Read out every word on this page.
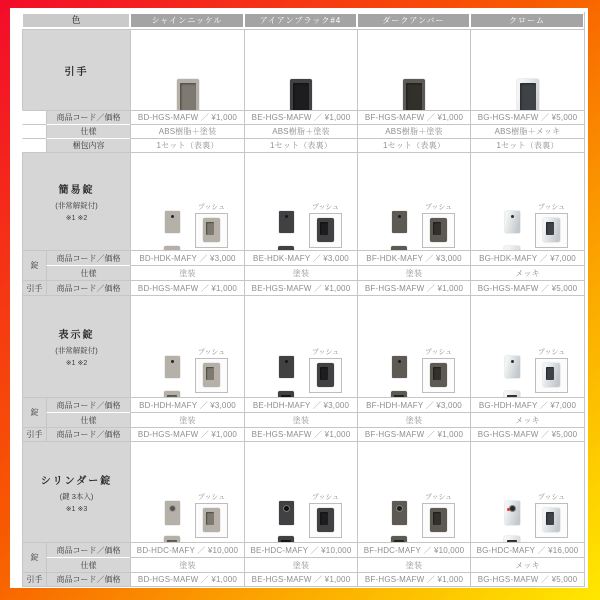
色		シャインニッケル	アイアンブラック#4	ダークアンバー	クローム

引手					

	商品コード／価格	BD-HGS-MAFW ／ ¥1,000	BE-HGS-MAFW ／ ¥1,000	BF-HGS-MAFW ／ ¥1,000	BG-HGS-MAFW ／ ¥5,000
	仕様	ABS樹脂＋塗装	ABS樹脂＋塗装	ABS樹脂＋塗装	ABS樹脂＋メッキ
	梱包内容	1セット（表裏）	1セット（表裏）	1セット（表裏）	1セット（表裏）

簡易錠
(非常解錠付)
※1 ※2		プッシュ	プッシュ	プッシュ	プッシュ

錠	商品コード／価格	BD-HDK-MAFY ／ ¥3,000	BE-HDK-MAFY ／ ¥3,000	BF-HDK-MAFY ／ ¥3,000	BG-HDK-MAFY ／ ¥7,000
	仕様	塗装	塗装	塗装	メッキ
引手	商品コード／価格	BD-HGS-MAFW ／ ¥1,000	BE-HGS-MAFW ／ ¥1,000	BF-HGS-MAFW ／ ¥1,000	BG-HGS-MAFW ／ ¥5,000

表示錠
(非常解錠付)
※1 ※2		プッシュ	プッシュ	プッシュ	プッシュ

錠	商品コード／価格	BD-HDH-MAFY ／ ¥3,000	BE-HDH-MAFY ／ ¥3,000	BF-HDH-MAFY ／ ¥3,000	BG-HDH-MAFY ／ ¥7,000
	仕様	塗装	塗装	塗装	メッキ
引手	商品コード／価格	BD-HGS-MAFW ／ ¥1,000	BE-HGS-MAFW ／ ¥1,000	BF-HGS-MAFW ／ ¥1,000	BG-HGS-MAFW ／ ¥5,000

シリンダー錠
(鍵 3本入)
※1 ※3		プッシュ	プッシュ	プッシュ	プッシュ

錠	商品コード／価格	BD-HDC-MAFY ／ ¥10,000	BE-HDC-MAFY ／ ¥10,000	BF-HDC-MAFY ／ ¥10,000	BG-HDC-MAFY ／ ¥16,000
	仕様	塗装	塗装	塗装	メッキ
引手	商品コード／価格	BD-HGS-MAFW ／ ¥1,000	BE-HGS-MAFW ／ ¥1,000	BF-HGS-MAFW ／ ¥1,000	BG-HGS-MAFW ／ ¥5,000
